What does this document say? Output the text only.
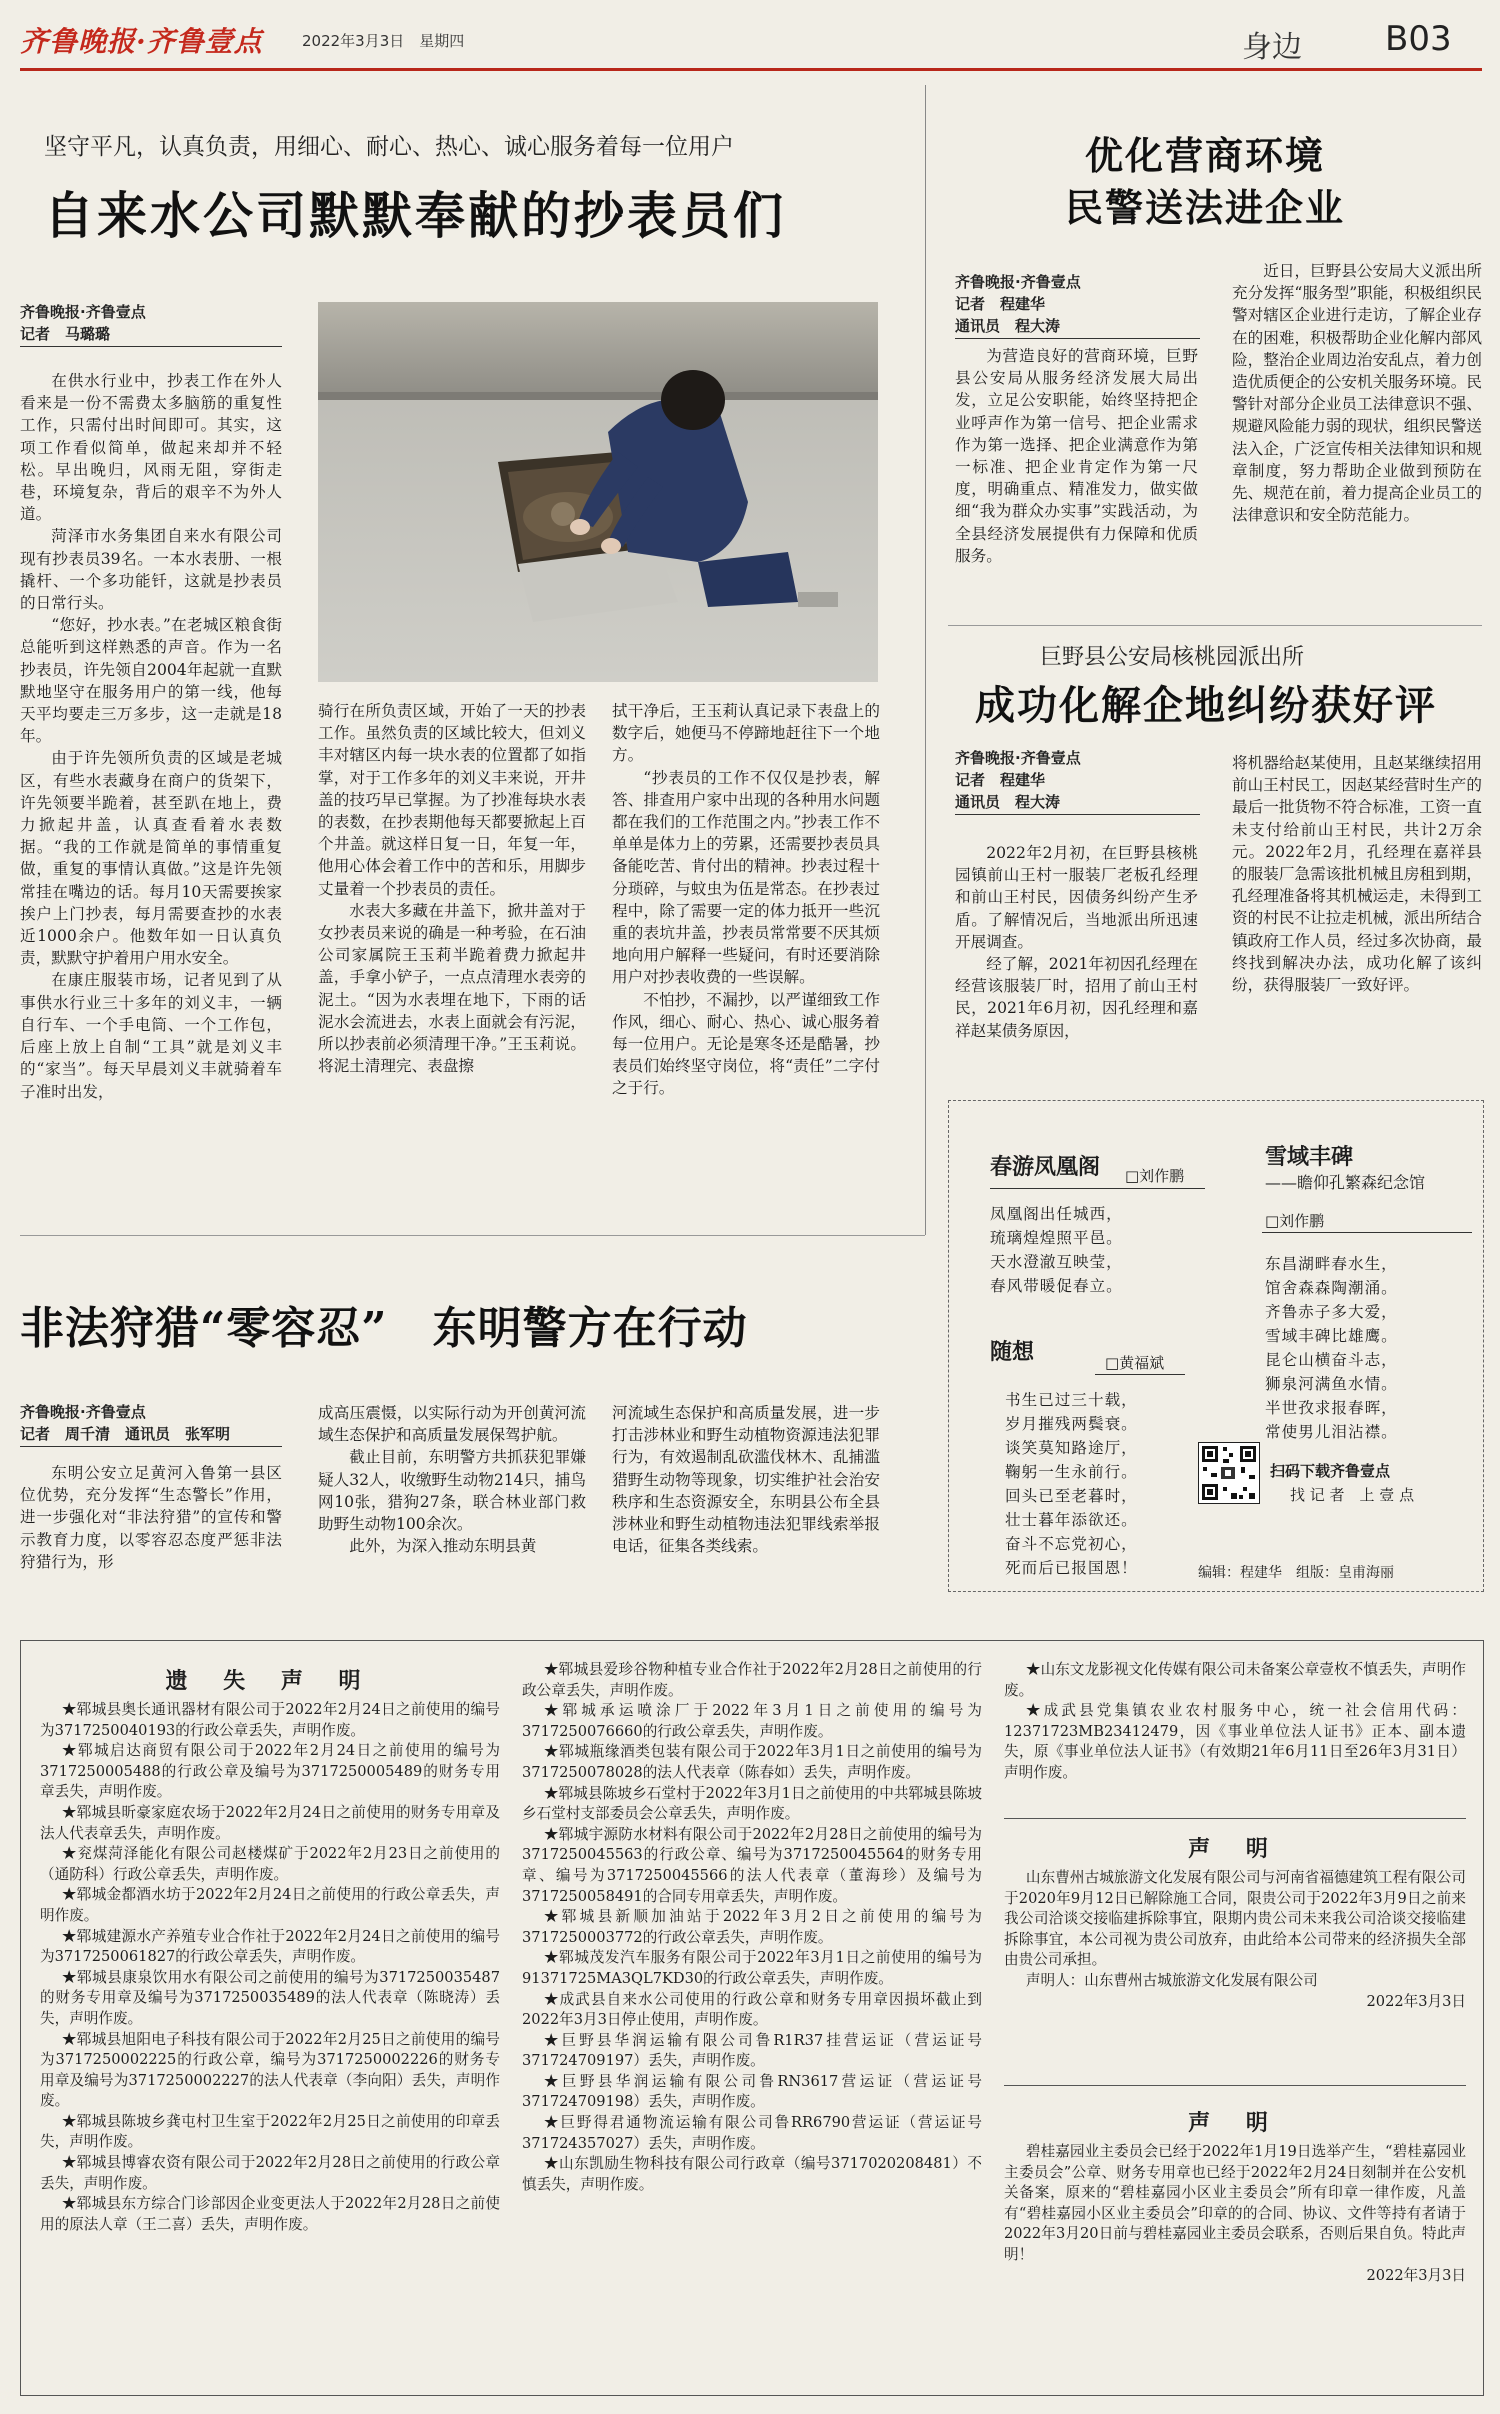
齐鲁晚报·齐鲁壹点	2022年3月3日　星期四	身边 B03
坚守平凡，认真负责，用细心、耐心、热心、诚心服务着每一位用户
自来水公司默默奉献的抄表员们
齐鲁晚报·齐鲁壹点
记者　马璐璐

在供水行业中，抄表工作在外人看来是一份不需费太多脑筋的重复性工作，只需付出时间即可。其实，这项工作看似简单，做起来却并不轻松。早出晚归，风雨无阻，穿街走巷，环境复杂，背后的艰辛不为外人道。

菏泽市水务集团自来水有限公司现有抄表员39名。一本水表册、一根撬杆、一个多功能钎，这就是抄表员的日常行头。

“您好，抄水表。”在老城区粮食街总能听到这样熟悉的声音。作为一名抄表员，许先领自2004年起就一直默默地坚守在服务用户的第一线，他每天平均要走三万多步，这一走就是18年。

由于许先领所负责的区域是老城区，有些水表藏身在商户的货架下，许先领要半跪着，甚至趴在地上，费力掀起井盖，认真查看着水表数据。“我的工作就是简单的事情重复做，重复的事情认真做。”这是许先领常挂在嘴边的话。每月10天需要挨家挨户上门抄表，每月需要查抄的水表近1000余户。他数年如一日认真负责，默默守护着用户用水安全。

在康庄服装市场，记者见到了从事供水行业三十多年的刘义丰，一辆自行车、一个手电筒、一个工作包，后座上放上自制“工具”就是刘义丰的“家当”。每天早晨刘义丰就骑着车子准时出发，

骑行在所负责区域，开始了一天的抄表工作。虽然负责的区域比较大，但刘义丰对辖区内每一块水表的位置都了如指掌，对于工作多年的刘义丰来说，开井盖的技巧早已掌握。为了抄准每块水表的表数，在抄表期他每天都要掀起上百个井盖。就这样日复一日，年复一年，他用心体会着工作中的苦和乐，用脚步丈量着一个抄表员的责任。

水表大多藏在井盖下，掀井盖对于女抄表员来说的确是一种考验，在石油公司家属院王玉莉半跪着费力掀起井盖，手拿小铲子，一点点清理水表旁的泥土。“因为水表埋在地下，下雨的话泥水会流进去，水表上面就会有污泥，所以抄表前必须清理干净。”王玉莉说。将泥土清理完、表盘擦

拭干净后，王玉莉认真记录下表盘上的数字后，她便马不停蹄地赶往下一个地方。

“抄表员的工作不仅仅是抄表，解答、排查用户家中出现的各种用水问题都在我们的工作范围之内。”抄表工作不单单是体力上的劳累，还需要抄表员具备能吃苦、肯付出的精神。抄表过程十分琐碎，与蚊虫为伍是常态。在抄表过程中，除了需要一定的体力抵开一些沉重的表坑井盖，抄表员常常要不厌其烦地向用户解释一些疑问，有时还要消除用户对抄表收费的一些误解。

不怕抄，不漏抄，以严谨细致工作作风，细心、耐心、热心、诚心服务着每一位用户。无论是寒冬还是酷暑，抄表员们始终坚守岗位，将“责任”二字付之于行。

优化营商环境
民警送法进企业
齐鲁晚报·齐鲁壹点
记者　程建华
通讯员　程大涛

为营造良好的营商环境，巨野县公安局从服务经济发展大局出发，立足公安职能，始终坚持把企业呼声作为第一信号、把企业需求作为第一选择、把企业满意作为第一标准、把企业肯定作为第一尺度，明确重点、精准发力，做实做细“我为群众办实事”实践活动，为全县经济发展提供有力保障和优质服务。

近日，巨野县公安局大义派出所充分发挥“服务型”职能，积极组织民警对辖区企业进行走访，了解企业存在的困难，积极帮助企业化解内部风险，整治企业周边治安乱点，着力创造优质便企的公安机关服务环境。民警针对部分企业员工法律意识不强、规避风险能力弱的现状，组织民警送法入企，广泛宣传相关法律知识和规章制度，努力帮助企业做到预防在先、规范在前，着力提高企业员工的法律意识和安全防范能力。

巨野县公安局核桃园派出所
成功化解企地纠纷获好评
齐鲁晚报·齐鲁壹点
记者　程建华
通讯员　程大涛

2022年2月初，在巨野县核桃园镇前山王村一服装厂老板孔经理和前山王村民，因债务纠纷产生矛盾。了解情况后，当地派出所迅速开展调查。

经了解，2021年初因孔经理在经营该服装厂时，招用了前山王村民，2021年6月初，因孔经理和嘉祥赵某债务原因，

将机器给赵某使用，且赵某继续招用前山王村民工，因赵某经营时生产的最后一批货物不符合标准，工资一直未支付给前山王村民，共计2万余元。2022年2月，孔经理在嘉祥县的服装厂急需该批机械且房租到期，孔经理准备将其机械运走，未得到工资的村民不让拉走机械，派出所结合镇政府工作人员，经过多次协商，最终找到解决办法，成功化解了该纠纷，获得服装厂一致好评。

春游凤凰阁 □刘作鹏
凤凰阁出任城西，
琉璃煌煌照平邑。
天水澄澈互映莹，
春风带暖促春立。
随想	□黄福斌
书生已过三十载，
岁月摧残两鬓衰。
谈笑莫知路途厅，
鞠躬一生永前行。
回头已至老暮时，
壮士暮年添欲还。
奋斗不忘党初心，
死而后已报国恩！
雪域丰碑
——瞻仰孔繁森纪念馆
□刘作鹏
东昌湖畔春水生，
馆舍森森陶潮涌。
齐鲁赤子多大爱，
雪域丰碑比雄鹰。
昆仑山横奋斗志，
狮泉河满鱼水情。
半世孜求报春晖，
常使男儿泪沾襟。
扫码下载齐鲁壹点
找 记 者　上 壹 点
编辑：程建华　组版：皇甫海丽
非法狩猎“零容忍”　东明警方在行动
齐鲁晚报·齐鲁壹点
记者　周千清　通讯员　张军明

东明公安立足黄河入鲁第一县区位优势，充分发挥“生态警长”作用，进一步强化对“非法狩猎”的宣传和警示教育力度，以零容忍态度严惩非法狩猎行为，形

成高压震慑，以实际行动为开创黄河流域生态保护和高质量发展保驾护航。

截止目前，东明警方共抓获犯罪嫌疑人32人，收缴野生动物214只，捕鸟网10张，猎狗27条，联合林业部门救助野生动物100余次。

此外，为深入推动东明县黄

河流域生态保护和高质量发展，进一步打击涉林业和野生动植物资源违法犯罪行为，有效遏制乱砍滥伐林木、乱捕滥猎野生动物等现象，切实维护社会治安秩序和生态资源安全，东明县公布全县涉林业和野生动植物违法犯罪线索举报电话，征集各类线索。

遗 失 声 明

★郓城县奥长通讯器材有限公司于2022年2月24日之前使用的编号为3717250040193的行政公章丢失，声明作废。

★郓城启达商贸有限公司于2022年2月24日之前使用的编号为3717250005488的行政公章及编号为3717250005489的财务专用章丢失，声明作废。

★郓城县昕豪家庭农场于2022年2月24日之前使用的财务专用章及法人代表章丢失，声明作废。

★兖煤菏泽能化有限公司赵楼煤矿于2022年2月23日之前使用的（通防科）行政公章丢失，声明作废。

★郓城金都酒水坊于2022年2月24日之前使用的行政公章丢失，声明作废。

★郓城建源水产养殖专业合作社于2022年2月24日之前使用的编号为3717250061827的行政公章丢失，声明作废。

★郓城县康泉饮用水有限公司之前使用的编号为3717250035487的财务专用章及编号为3717250035489的法人代表章（陈晓涛）丢失，声明作废。

★郓城县旭阳电子科技有限公司于2022年2月25日之前使用的编号为3717250002225的行政公章，编号为3717250002226的财务专用章及编号为3717250002227的法人代表章（李向阳）丢失，声明作废。

★郓城县陈坡乡龚屯村卫生室于2022年2月25日之前使用的印章丢失，声明作废。

★郓城县博睿农资有限公司于2022年2月28日之前使用的行政公章丢失，声明作废。

★郓城县东方综合门诊部因企业变更法人于2022年2月28日之前使用的原法人章（王二喜）丢失，声明作废。

★郓城县爱珍谷物种植专业合作社于2022年2月28日之前使用的行政公章丢失，声明作废。

★郓城承运喷涂厂于2022年3月1日之前使用的编号为3717250076660的行政公章丢失，声明作废。

★郓城瓶缘酒类包装有限公司于2022年3月1日之前使用的编号为3717250078028的法人代表章（陈春如）丢失，声明作废。

★郓城县陈坡乡石堂村于2022年3月1日之前使用的中共郓城县陈坡乡石堂村支部委员会公章丢失，声明作废。

★郓城宇源防水材料有限公司于2022年2月28日之前使用的编号为3717250045563的行政公章、编号为3717250045564的财务专用章、编号为3717250045566的法人代表章（董海珍）及编号为3717250058491的合同专用章丢失，声明作废。

★郓城县新顺加油站于2022年3月2日之前使用的编号为3717250003772的行政公章丢失，声明作废。

★郓城茂发汽车服务有限公司于2022年3月1日之前使用的编号为91371725MA3QL7KD30的行政公章丢失，声明作废。

★成武县自来水公司使用的行政公章和财务专用章因损坏截止到2022年3月3日停止使用，声明作废。

★巨野县华润运输有限公司鲁R1R37挂营运证（营运证号371724709197）丢失，声明作废。

★巨野县华润运输有限公司鲁RN3617营运证（营运证号371724709198）丢失，声明作废。

★巨野得君通物流运输有限公司鲁RR6790营运证（营运证号371724357027）丢失，声明作废。

★山东凯励生物科技有限公司行政章（编号3717020208481）不慎丢失，声明作废。

★山东文龙影视文化传媒有限公司未备案公章壹枚不慎丢失，声明作废。

★成武县党集镇农业农村服务中心，统一社会信用代码：12371723MB23412479，因《事业单位法人证书》正本、副本遗失，原《事业单位法人证书》（有效期21年6月11日至26年3月31日）声明作废。

声 明

山东曹州古城旅游文化发展有限公司与河南省福德建筑工程有限公司于2020年9月12日已解除施工合同，限贵公司于2022年3月9日之前来我公司洽谈交接临建拆除事宜，限期内贵公司未来我公司洽谈交接临建拆除事宜，本公司视为贵公司放弃，由此给本公司带来的经济损失全部由贵公司承担。

声明人：山东曹州古城旅游文化发展有限公司

2022年3月3日

声 明

碧桂嘉园业主委员会已经于2022年1月19日选举产生，“碧桂嘉园业主委员会”公章、财务专用章也已经于2022年2月24日刻制并在公安机关备案，原来的“碧桂嘉园小区业主委员会”所有印章一律作废，凡盖有“碧桂嘉园小区业主委员会”印章的的合同、协议、文件等持有者请于2022年3月20日前与碧桂嘉园业主委员会联系，否则后果自负。特此声明！

2022年3月3日
